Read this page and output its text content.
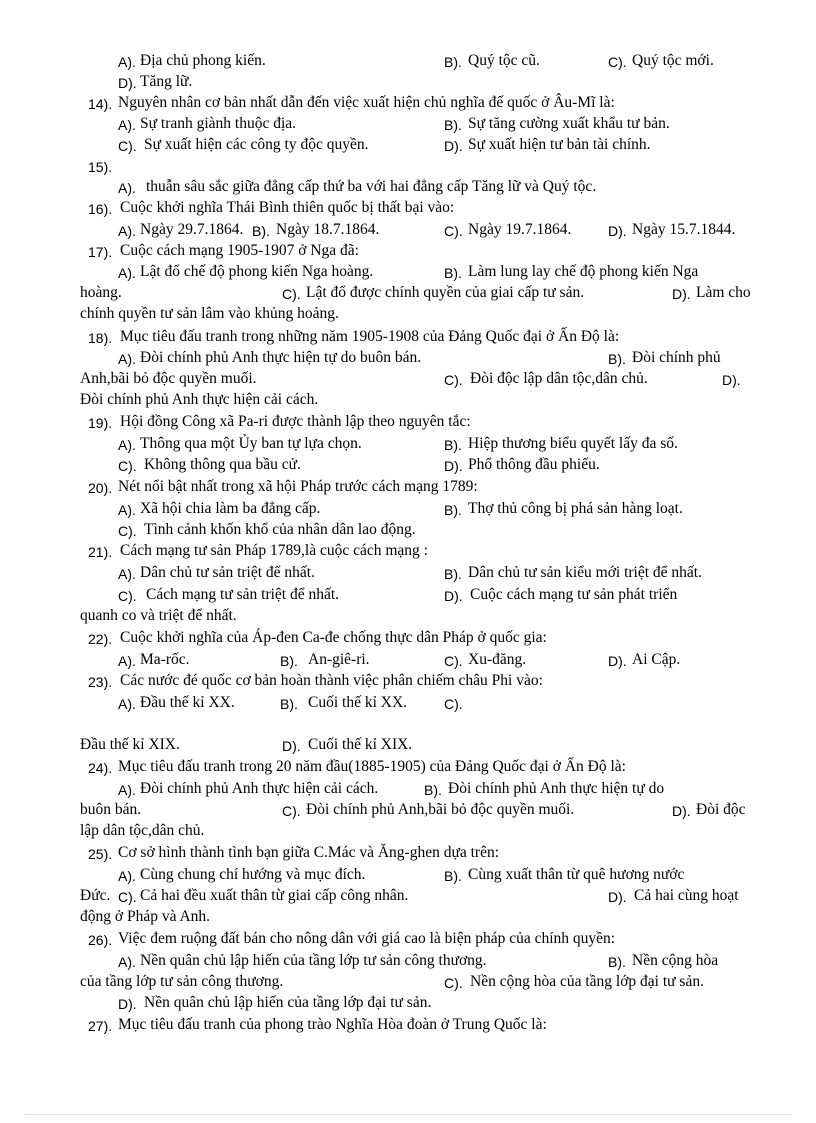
A). Địa chủ phong kiến.	B). Quý tộc cũ.	C). Quý tộc mới.
D). Tăng lữ.
14). Nguyên nhân cơ bản nhất dẫn đến việc xuất hiện chủ nghĩa đế quốc ở Âu-Mĩ là:
A). Sự tranh giành thuộc địa.	B). Sự tăng cường xuất khẩu tư bản.
C). Sự xuất hiện các công ty độc quyền.	D). Sự xuất hiện tư bản tài chính.
15).
A). thuẫn sâu sắc giữa đẳng cấp thứ ba với hai đẳng cấp Tăng lữ và Quý tộc.
16). Cuộc khởi nghĩa Thái Bình thiên quốc bị thất bại vào:
A). Ngày 29.7.1864. B). Ngày 18.7.1864.	C). Ngày 19.7.1864.	D). Ngày 15.7.1844.
17). Cuộc cách mạng 1905-1907 ở Nga đã:
A). Lật đổ chế độ phong kiến Nga hoàng.	B). Làm lung lay chế độ phong kiến Nga
hoàng.	C). Lật đổ được chính quyền của giai cấp tư sản.	D). Làm cho
chính quyền tư sản lâm vào khủng hoảng.
18). Mục tiêu đấu tranh trong những năm 1905-1908 của Đảng Quốc đại ở Ấn Độ là:
A). Đòi chính phủ Anh thực hiện tự do buôn bán.	B). Đòi chính phủ
Anh,bãi bỏ độc quyền muối.	C). Đòi độc lập dân tộc,dân chủ.	D).
Đòi chính phủ Anh thực hiện cải cách.
19). Hội đồng Công xã Pa-ri được thành lập theo nguyên tắc:
A). Thông qua một Ủy ban tự lựa chọn.	B). Hiệp thương biểu quyết lấy đa số.
C). Không thông qua bầu cử.	D). Phổ thông đầu phiếu.
20). Nét nổi bật nhất trong xã hội Pháp trước cách mạng 1789:
A). Xã hội chia làm ba đẳng cấp.	B). Thợ thủ công bị phá sản hàng loạt.
C). Tình cảnh khốn khổ của nhân dân lao động.
21). Cách mạng tư sản Pháp 1789,là cuộc cách mạng :
A). Dân chủ tư sản triệt để nhất.	B). Dân chủ tư sản kiểu mới triệt để nhất.
C). Cách mạng tư sản triệt để nhất.	D). Cuộc cách mạng tư sản phát triển
quanh co và triệt để nhất.
22). Cuộc khởi nghĩa của Áp-đen Ca-đe chống thực dân Pháp ở quốc gia:
A). Ma-rốc.	B). An-giê-ri.	C). Xu-đăng.	D). Ai Cập.
23). Các nước đé quốc cơ bản hoàn thành việc phân chiếm châu Phi vào:
A). Đầu thế kỉ XX.	B). Cuối thế kỉ XX.	C).
Đầu thế kỉ XIX.	D). Cuối thế kỉ XIX.
24). Mục tiêu đấu tranh trong 20 năm đầu(1885-1905) của Đảng Quốc đại ở Ấn Độ là:
A). Đòi chính phủ Anh thực hiện cải cách.	B). Đòi chính phủ Anh thực hiện tự do
buôn bán.	C). Đòi chính phủ Anh,bãi bỏ độc quyền muối.	D). Đòi độc
lập dân tộc,dân chủ.
25). Cơ sở hình thành tình bạn giữa C.Mác và Ăng-ghen dựa trên:
A). Cùng chung chí hướng và mục đích.	B). Cùng xuất thân từ quê hương nước
Đức. C). Cả hai đều xuất thân từ giai cấp công nhân.	D). Cả hai cùng hoạt
động ở Pháp và Anh.
26). Việc đem ruộng đất bán cho nông dân với giá cao là biện pháp của chính quyền:
A). Nền quân chủ lập hiến của tầng lớp tư sản công thương.	B). Nền cộng hòa
của tầng lớp tư sản công thương.	C). Nền cộng hòa của tầng lớp đại tư sản.
D). Nền quân chủ lập hiến của tầng lớp đại tư sản.
27). Mục tiêu đấu tranh của phong trào Nghĩa Hòa đoàn ở Trung Quốc là:
